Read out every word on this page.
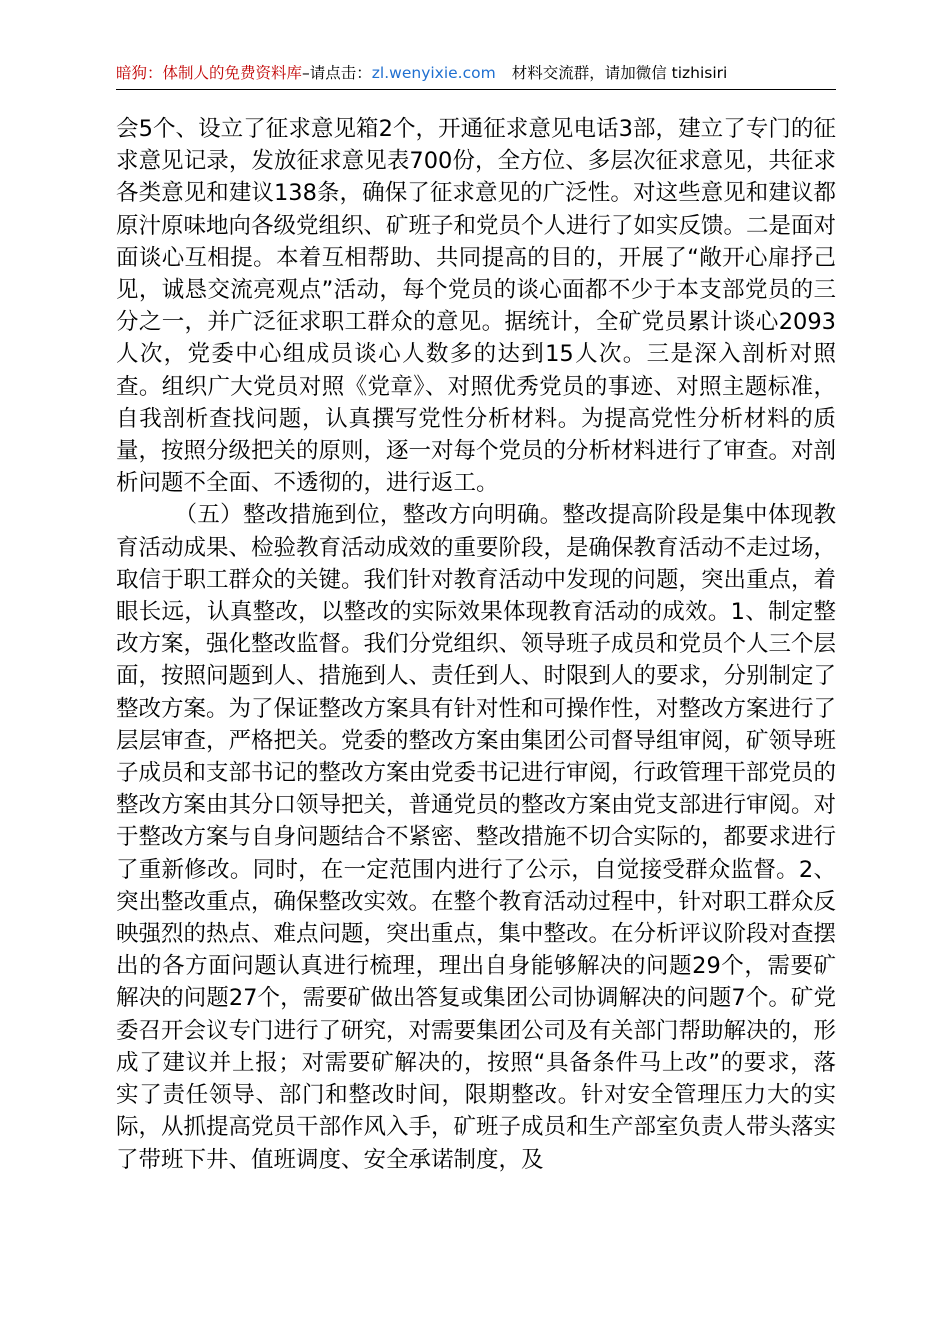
暗狗：体制人的免费资料库–请点击：zl.wenyixie.com 材料交流群，请加微信 tizhisiri

会5个、设立了征求意见箱2个，开通征求意见电话3部，建立了专门的征求意见记录，发放征求意见表700份，全方位、多层次征求意见，共征求各类意见和建议138条，确保了征求意见的广泛性。对这些意见和建议都原汁原味地向各级党组织、矿班子和党员个人进行了如实反馈。二是面对面谈心互相提。本着互相帮助、共同提高的目的，开展了“敞开心扉抒己见，诚恳交流亮观点”活动，每个党员的谈心面都不少于本支部党员的三分之一，并广泛征求职工群众的意见。据统计，全矿党员累计谈心2093人次，党委中心组成员谈心人数多的达到15人次。三是深入剖析对照查。组织广大党员对照《党章》、对照优秀党员的事迹、对照主题标准，自我剖析查找问题，认真撰写党性分析材料。为提高党性分析材料的质量，按照分级把关的原则，逐一对每个党员的分析材料进行了审查。对剖析问题不全面、不透彻的，进行返工。

（五）整改措施到位，整改方向明确。整改提高阶段是集中体现教育活动成果、检验教育活动成效的重要阶段，是确保教育活动不走过场，取信于职工群众的关键。我们针对教育活动中发现的问题，突出重点，着眼长远，认真整改，以整改的实际效果体现教育活动的成效。1、制定整改方案，强化整改监督。我们分党组织、领导班子成员和党员个人三个层面，按照问题到人、措施到人、责任到人、时限到人的要求，分别制定了整改方案。为了保证整改方案具有针对性和可操作性，对整改方案进行了层层审查，严格把关。党委的整改方案由集团公司督导组审阅，矿领导班子成员和支部书记的整改方案由党委书记进行审阅，行政管理干部党员的整改方案由其分口领导把关，普通党员的整改方案由党支部进行审阅。对于整改方案与自身问题结合不紧密、整改措施不切合实际的，都要求进行了重新修改。同时，在一定范围内进行了公示，自觉接受群众监督。2、突出整改重点，确保整改实效。在整个教育活动过程中，针对职工群众反映强烈的热点、难点问题，突出重点，集中整改。在分析评议阶段对查摆出的各方面问题认真进行梳理，理出自身能够解决的问题29个，需要矿解决的问题27个，需要矿做出答复或集团公司协调解决的问题7个。矿党委召开会议专门进行了研究，对需要集团公司及有关部门帮助解决的，形成了建议并上报；对需要矿解决的，按照“具备条件马上改”的要求，落实了责任领导、部门和整改时间，限期整改。针对安全管理压力大的实际，从抓提高党员干部作风入手，矿班子成员和生产部室负责人带头落实了带班下井、值班调度、安全承诺制度，及
